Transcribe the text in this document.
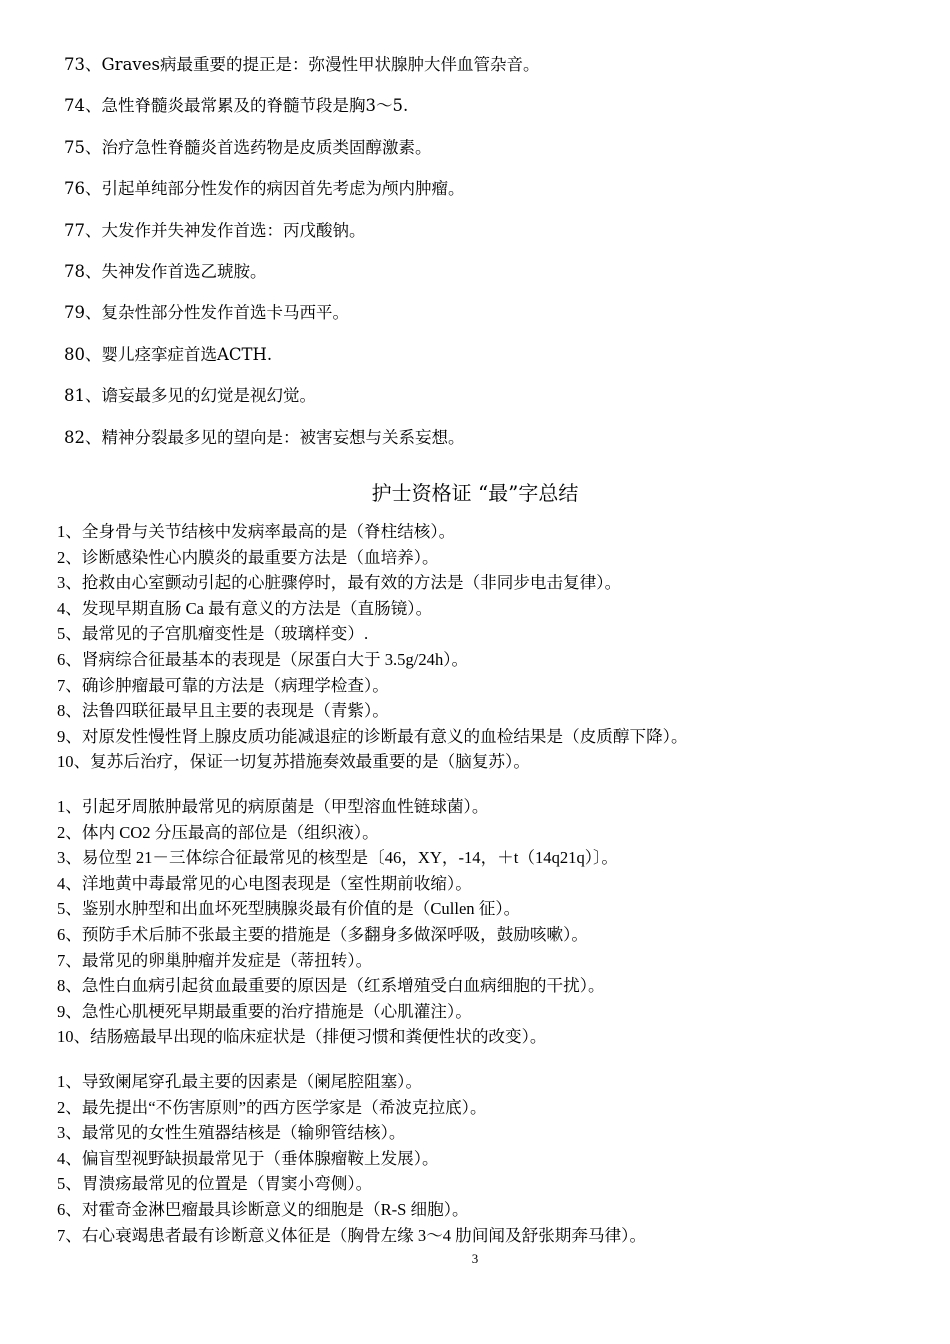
73、Graves病最重要的提正是：弥漫性甲状腺肿大伴血管杂音。
74、急性脊髓炎最常累及的脊髓节段是胸3～5.
75、治疗急性脊髓炎首选药物是皮质类固醇激素。
76、引起单纯部分性发作的病因首先考虑为颅内肿瘤。
77、大发作并失神发作首选：丙戊酸钠。
78、失神发作首选乙琥胺。
79、复杂性部分性发作首选卡马西平。
80、婴儿痉挛症首选ACTH.
81、谵妄最多见的幻觉是视幻觉。
82、精神分裂最多见的望向是：被害妄想与关系妄想。
护士资格证 “最”字总结
1、全身骨与关节结核中发病率最高的是（脊柱结核）。
2、诊断感染性心内膜炎的最重要方法是（血培养）。
3、抢救由心室颤动引起的心脏骤停时，最有效的方法是（非同步电击复律）。
4、发现早期直肠 Ca 最有意义的方法是（直肠镜）。
5、最常见的子宫肌瘤变性是（玻璃样变）.
6、肾病综合征最基本的表现是（尿蛋白大于 3.5g/24h）。
7、确诊肿瘤最可靠的方法是（病理学检查）。
8、法鲁四联征最早且主要的表现是（青紫）。
9、对原发性慢性肾上腺皮质功能减退症的诊断最有意义的血检结果是（皮质醇下降）。
10、复苏后治疗，保证一切复苏措施奏效最重要的是（脑复苏）。
1、引起牙周脓肿最常见的病原菌是（甲型溶血性链球菌）。
2、体内 CO2 分压最高的部位是（组织液）。
3、易位型 21－三体综合征最常见的核型是〔46，XY，-14，＋t（14q21q）〕。
4、洋地黄中毒最常见的心电图表现是（室性期前收缩）。
5、鉴别水肿型和出血坏死型胰腺炎最有价值的是（Cullen 征）。
6、预防手术后肺不张最主要的措施是（多翻身多做深呼吸，鼓励咳嗽）。
7、最常见的卵巢肿瘤并发症是（蒂扭转）。
8、急性白血病引起贫血最重要的原因是（红系增殖受白血病细胞的干扰）。
9、急性心肌梗死早期最重要的治疗措施是（心肌灌注）。
10、结肠癌最早出现的临床症状是（排便习惯和粪便性状的改变）。
1、导致阑尾穿孔最主要的因素是（阑尾腔阻塞）。
2、最先提出“不伤害原则”的西方医学家是（希波克拉底）。
3、最常见的女性生殖器结核是（输卵管结核）。
4、偏盲型视野缺损最常见于（垂体腺瘤鞍上发展）。
5、胃溃疡最常见的位置是（胃窦小弯侧）。
6、对霍奇金淋巴瘤最具诊断意义的细胞是（R-S 细胞）。
7、右心衰竭患者最有诊断意义体征是（胸骨左缘 3～4 肋间闻及舒张期奔马律）。
3
